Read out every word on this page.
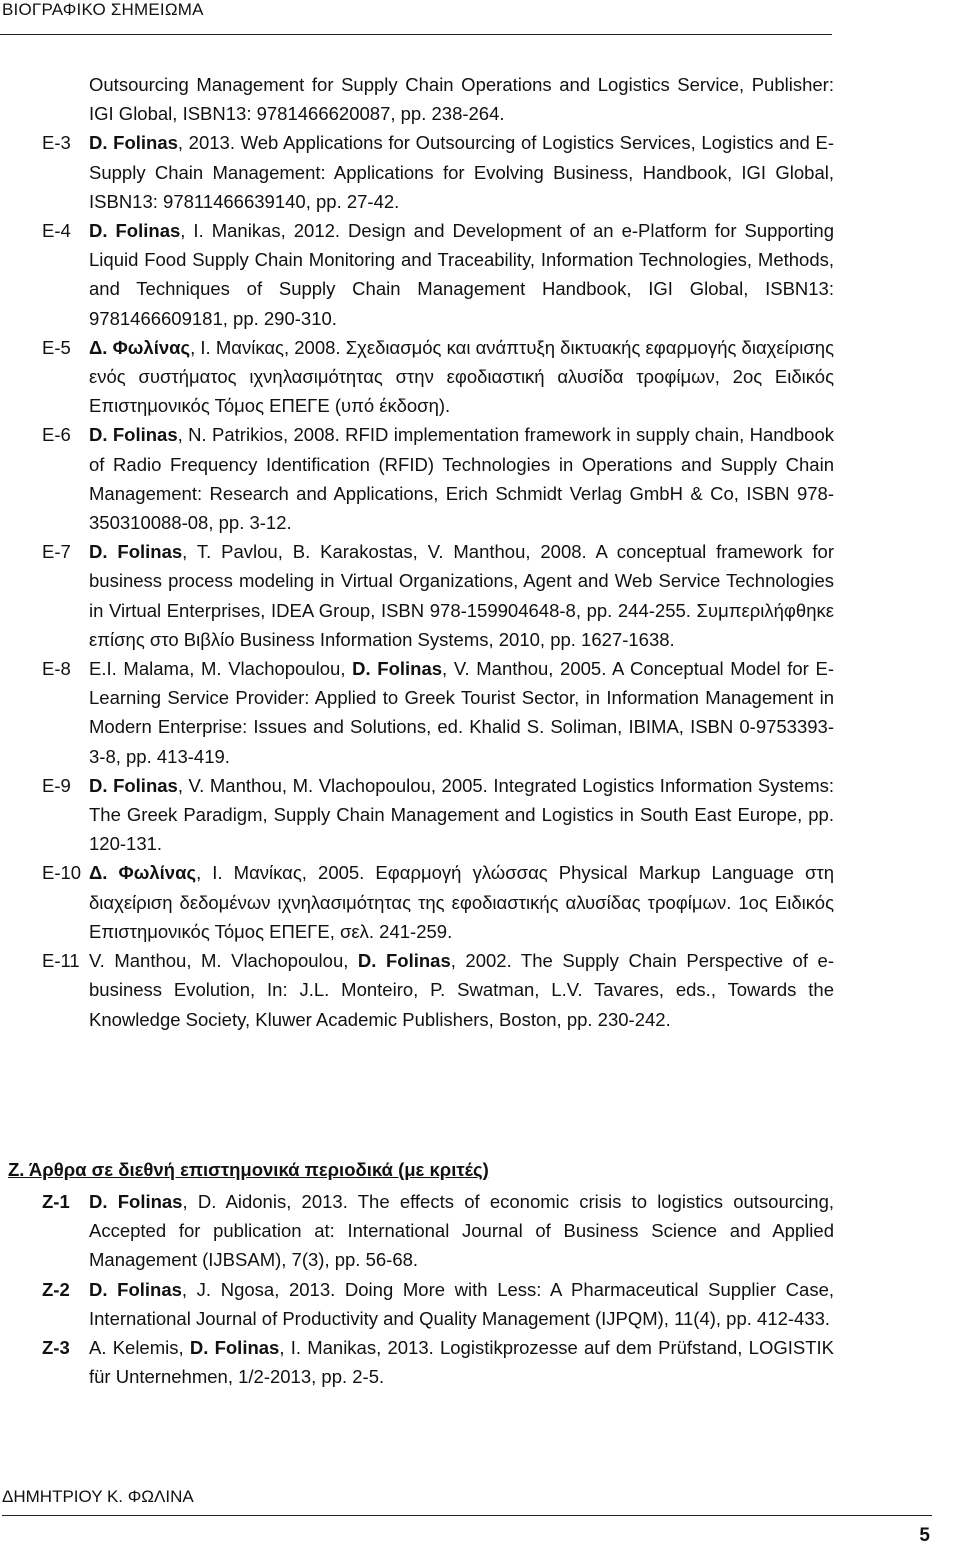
ΒΙΟΓΡΑΦΙΚΟ ΣΗΜΕΙΩΜΑ
Outsourcing Management for Supply Chain Operations and Logistics Service, Publisher: IGI Global, ISBN13: 9781466620087, pp. 238-264.
E-3 D. Folinas, 2013. Web Applications for Outsourcing of Logistics Services, Logistics and E-Supply Chain Management: Applications for Evolving Business, Handbook, IGI Global, ISBN13: 97811466639140, pp. 27-42.
E-4 D. Folinas, I. Manikas, 2012. Design and Development of an e-Platform for Supporting Liquid Food Supply Chain Monitoring and Traceability, Information Technologies, Methods, and Techniques of Supply Chain Management Handbook, IGI Global, ISBN13: 9781466609181, pp. 290-310.
E-5 Δ. Φωλίνας, Ι. Μανίκας, 2008. Σχεδιασμός και ανάπτυξη δικτυακής εφαρμογής διαχείρισης ενός συστήματος ιχνηλασιμότητας στην εφοδιαστική αλυσίδα τροφίμων, 2ος Ειδικός Επιστημονικός Τόμος ΕΠΕΓΕ (υπό έκδοση).
E-6 D. Folinas, N. Patrikios, 2008. RFID implementation framework in supply chain, Handbook of Radio Frequency Identification (RFID) Technologies in Operations and Supply Chain Management: Research and Applications, Erich Schmidt Verlag GmbH & Co, ISBN 978-350310088-08, pp. 3-12.
E-7 D. Folinas, T. Pavlou, B. Karakostas, V. Manthou, 2008. A conceptual framework for business process modeling in Virtual Organizations, Agent and Web Service Technologies in Virtual Enterprises, IDEA Group, ISBN 978-159904648-8, pp. 244-255. Συμπεριλήφθηκε επίσης στο Βιβλίο Business Information Systems, 2010, pp. 1627-1638.
E-8 E.I. Malama, M. Vlachopoulou, D. Folinas, V. Manthou, 2005. A Conceptual Model for E-Learning Service Provider: Applied to Greek Tourist Sector, in Information Management in Modern Enterprise: Issues and Solutions, ed. Khalid S. Soliman, IBIMA, ISBN 0-9753393-3-8, pp. 413-419.
E-9 D. Folinas, V. Manthou, M. Vlachopoulou, 2005. Integrated Logistics Information Systems: The Greek Paradigm, Supply Chain Management and Logistics in South East Europe, pp. 120-131.
E-10 Δ. Φωλίνας, Ι. Μανίκας, 2005. Εφαρμογή γλώσσας Physical Markup Language στη διαχείριση δεδομένων ιχνηλασιμότητας της εφοδιαστικής αλυσίδας τροφίμων. 1ος Ειδικός Επιστημονικός Τόμος ΕΠΕΓΕ, σελ. 241-259.
E-11 V. Manthou, M. Vlachopoulou, D. Folinas, 2002. The Supply Chain Perspective of e-business Evolution, In: J.L. Monteiro, P. Swatman, L.V. Tavares, eds., Towards the Knowledge Society, Kluwer Academic Publishers, Boston, pp. 230-242.
Ζ. Άρθρα σε διεθνή επιστημονικά περιοδικά (με κριτές)
Z-1 D. Folinas, D. Aidonis, 2013. The effects of economic crisis to logistics outsourcing, Accepted for publication at: International Journal of Business Science and Applied Management (IJBSAM), 7(3), pp. 56-68.
Z-2 D. Folinas, J. Ngosa, 2013. Doing More with Less: A Pharmaceutical Supplier Case, International Journal of Productivity and Quality Management (IJPQM), 11(4), pp. 412-433.
Z-3 A. Kelemis, D. Folinas, I. Manikas, 2013. Logistikprozesse auf dem Prüfstand, LOGISTIK für Unternehmen, 1/2-2013, pp. 2-5.
ΔΗΜΗΤΡΙΟΥ Κ. ΦΩΛΙΝΑ
5
